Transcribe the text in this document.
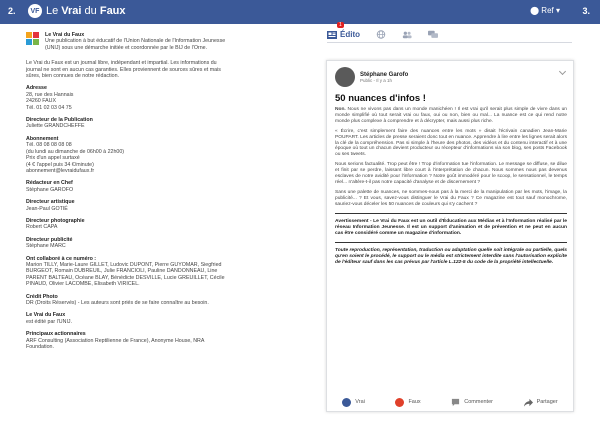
2.	VF Le Vrai du Faux	⬤ Ref ▾ 3.
Le Vrai du Faux
Une publication à but éducatif de l'Union Nationale de l'Information Jeunesse (UNIJ) sous une démarche initiée et coordonnée par le BIJ de l'Orne.

Le Vrai du Faux est un journal libre, indépendant et impartial. Les informations du journal ne sont en aucun cas garanties. Elles proviennent de sources sûres et mais sûres, bien connues de notre rédaction.

Adresse
28, rue des Hannais
24260 FAUX
Tél. 01 02 03 04 75
Directeur de la Publication
Juliette GRANDCHEFFE
Abonnement
Tél. 08 08 08 08 08
(du lundi au dimanche de 06h00 à 22h00)
Prix d'un appel surtaxé
(4 € l'appel puis 34 €/minute)
abonnement@levraidufaux.fr
Rédacteur en Chef
Stéphane GAROFO
Directeur artistique
Jean-Paul GOTIÉ
Directeur photographie
Robert CAPA
Directeur publicité
Stéphane MARC
Ont collaboré à ce numéro :
Marion TILLY, Marie-Laure GILLET, Ludovic DUPONT, Pierre GUYOMAR, Siegfried BURGEOT, Romain DUBREUIL, Julie FRANCIOLI, Pauline DANDONNEAU, Line PARENT BALTEAU, Océane BLAY, Bénédicte DESVILLE, Lucie GREUILLET, Cécile PINAUD, Olivier LACOMBE, Elisabeth VIRICEL.
Crédit Photo
DR (Droits Réservés) - Les auteurs sont priés de se faire connaître au besoin.
Le Vrai du Faux
est édité par l'UNIJ.
Principaux actionnaires
ARF Consulting (Association Reptilienne de France), Anonyme House, NRA Foundation.
Édito
1
Stéphane Garofo
Public - Il y a 1h
50 nuances d'infos !

Non. Nous ne vivons pas dans un monde manichéen ! Il est vrai qu'il serait plus simple de vivre dans un monde simplifié où tout serait vrai ou faux, oui ou non, bien ou mal... La nuance est ce qui rend notre monde plus complexe à comprendre et à décrypter, mais aussi plus riche.

« Écrire, c'est simplement faire des nuances entre les mots » disait l'écrivain canadien Jean-Marie POUPART. Les articles de presse seraient donc tout en nuance. Apprendre à lire entre les lignes serait alors la clé de la compréhension. Pas si simple à l'heure des photos, des vidéos et du contenu interactif et à une époque où tout un chacun devient producteur ou récepteur d'informations via son blog, ses posts Facebook ou ses tweets.

Nous serions factualité. Trop peut être ! Trop d'information tue l'information. Le message se diffuse, se dilue et finit par se perdre, laissant libre court à l'interprétation de chacun. Nous sommes nous pas devenus esclaves de notre avidité pour l'information ? Notre goût immodéré pour le scoop, le sensationnel, le temps réel... n'altère-t-il pas notre capacité d'analyse et de discernement ?

Sans une palette de nuances, ne sommes-nous pas à la merci de la manipulation par les mots, l'image, la publicité... ? Et vous, savez-vous distinguer le Vrai du Faux ? Ce magazine est tout sauf monochrome, sauriez-vous déceler les 50 nuances de couleurs qui s'y cachent ?

Avertissement - Le Vrai du Faux est un outil d'Éducation aux Médias et à l'Information réalisé par le réseau Information Jeunesse. Il est un support d'animation et de prévention et ne peut en aucun cas être considéré comme un magazine d'information.

Toute reproduction, représentation, traduction ou adaptation quelle soit intégrale ou partielle, quels qu'en soient le procédé, le support ou le média est strictement interdite sans l'autorisation explicite de l'éditeur sauf dans les cas prévus par l'article L.122-5 du code de la propriété intellectuelle.

Vrai	Faux	Commenter	Partager
